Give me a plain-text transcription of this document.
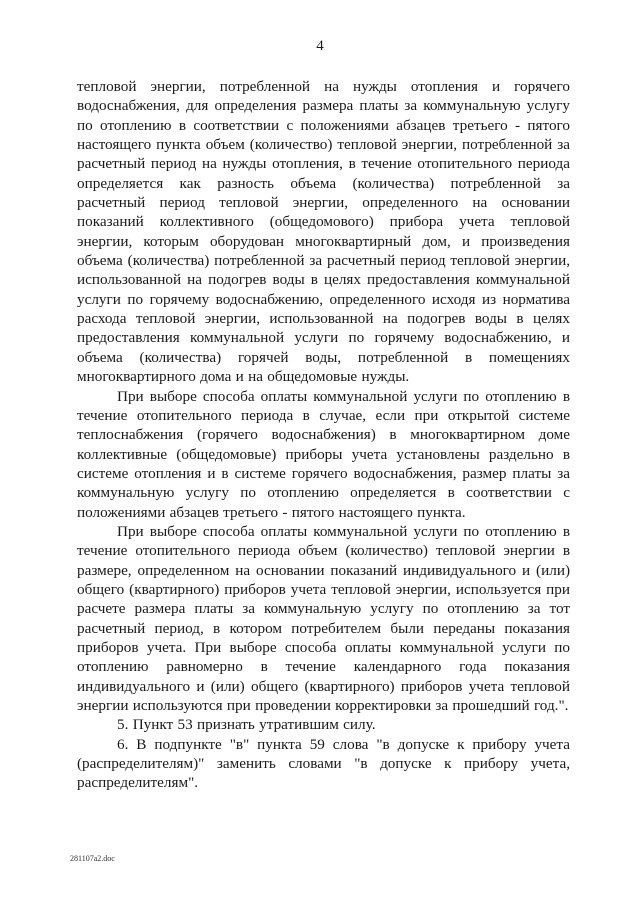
4

тепловой энергии, потребленной на нужды отопления и горячего водоснабжения, для определения размера платы за коммунальную услугу по отоплению в соответствии с положениями абзацев третьего - пятого настоящего пункта объем (количество) тепловой энергии, потребленной за расчетный период на нужды отопления, в течение отопительного периода определяется как разность объема (количества) потребленной за расчетный период тепловой энергии, определенного на основании показаний коллективного (общедомового) прибора учета тепловой энергии, которым оборудован многоквартирный дом, и произведения объема (количества) потребленной за расчетный период тепловой энергии, использованной на подогрев воды в целях предоставления коммунальной услуги по горячему водоснабжению, определенного исходя из норматива расхода тепловой энергии, использованной на подогрев воды в целях предоставления коммунальной услуги по горячему водоснабжению, и объема (количества) горячей воды, потребленной в помещениях многоквартирного дома и на общедомовые нужды.

При выборе способа оплаты коммунальной услуги по отоплению в течение отопительного периода в случае, если при открытой системе теплоснабжения (горячего водоснабжения) в многоквартирном доме коллективные (общедомовые) приборы учета установлены раздельно в системе отопления и в системе горячего водоснабжения, размер платы за коммунальную услугу по отоплению определяется в соответствии с положениями абзацев третьего - пятого настоящего пункта.

При выборе способа оплаты коммунальной услуги по отоплению в течение отопительного периода объем (количество) тепловой энергии в размере, определенном на основании показаний индивидуального и (или) общего (квартирного) приборов учета тепловой энергии, используется при расчете размера платы за коммунальную услугу по отоплению за тот расчетный период, в котором потребителем были переданы показания приборов учета. При выборе способа оплаты коммунальной услуги по отоплению равномерно в течение календарного года показания индивидуального и (или) общего (квартирного) приборов учета тепловой энергии используются при проведении корректировки за прошедший год.".

5. Пункт 53 признать утратившим силу.

6. В подпункте "в" пункта 59 слова "в допуске к прибору учета (распределителям)" заменить словами "в допуске к прибору учета, распределителям".

281107a2.doc
